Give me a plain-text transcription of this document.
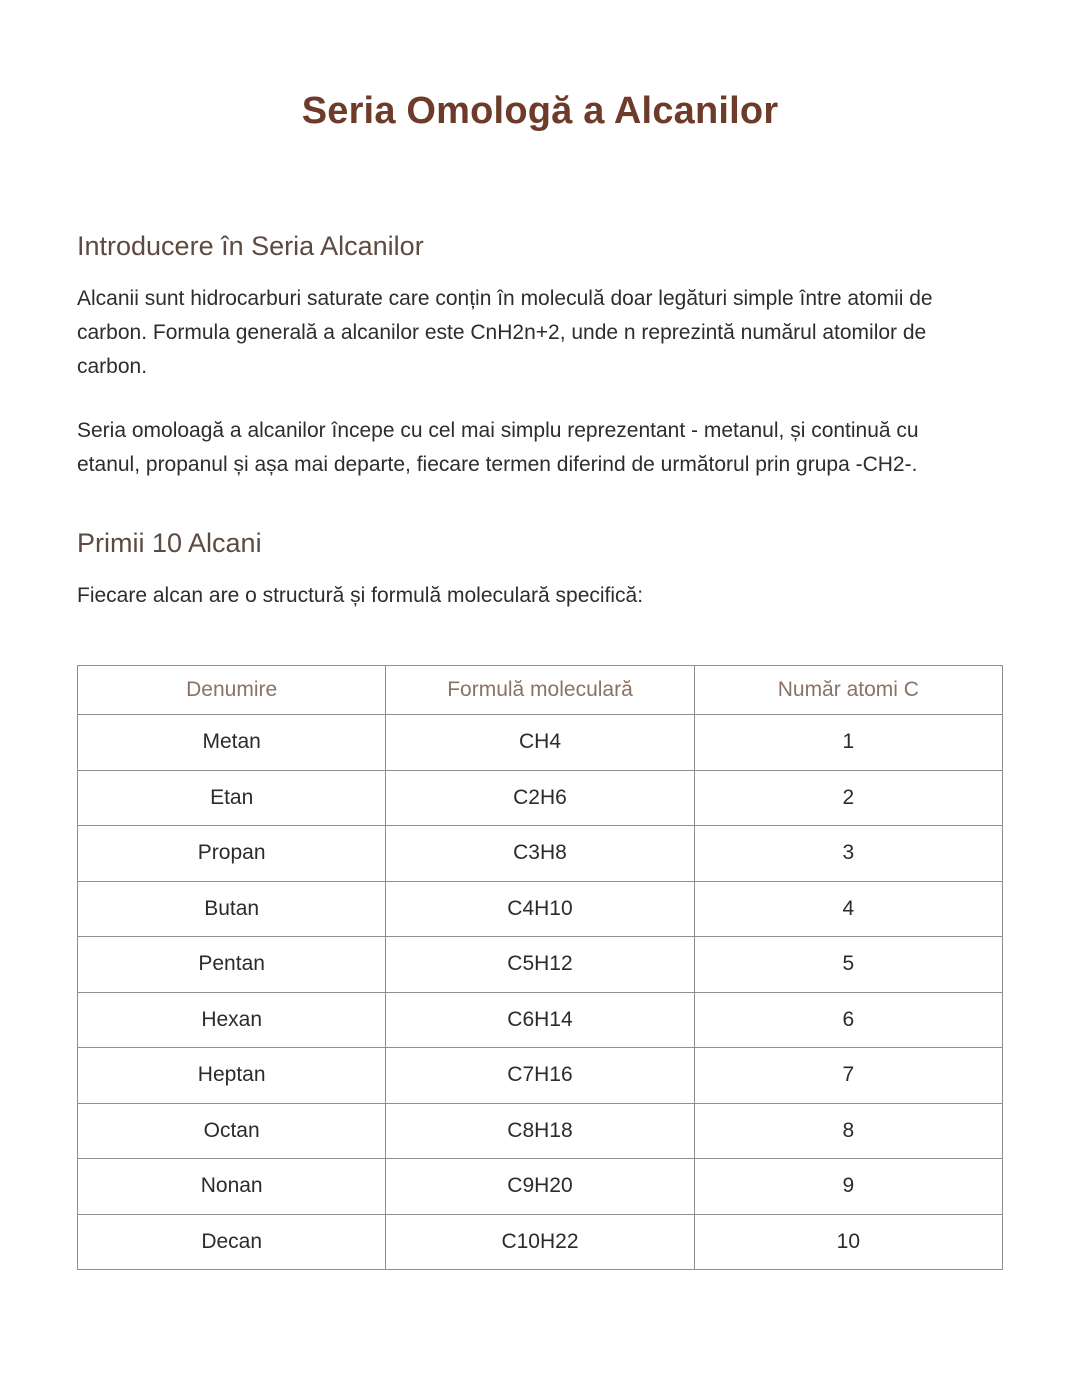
Seria Omologă a Alcanilor
Introducere în Seria Alcanilor

Alcanii sunt hidrocarburi saturate care conțin în moleculă doar legături simple între atomii de carbon. Formula generală a alcanilor este CnH2n+2, unde n reprezintă numărul atomilor de carbon.

Seria omoloagă a alcanilor începe cu cel mai simplu reprezentant - metanul, și continuă cu etanul, propanul și așa mai departe, fiecare termen diferind de următorul prin grupa -CH2-.

Primii 10 Alcani

Fiecare alcan are o structură și formulă moleculară specifică:

Denumire	Formulă moleculară	Număr atomi C
Metan	CH4	1
Etan	C2H6	2
Propan	C3H8	3
Butan	C4H10	4
Pentan	C5H12	5
Hexan	C6H14	6
Heptan	C7H16	7
Octan	C8H18	8
Nonan	C9H20	9
Decan	C10H22	10
